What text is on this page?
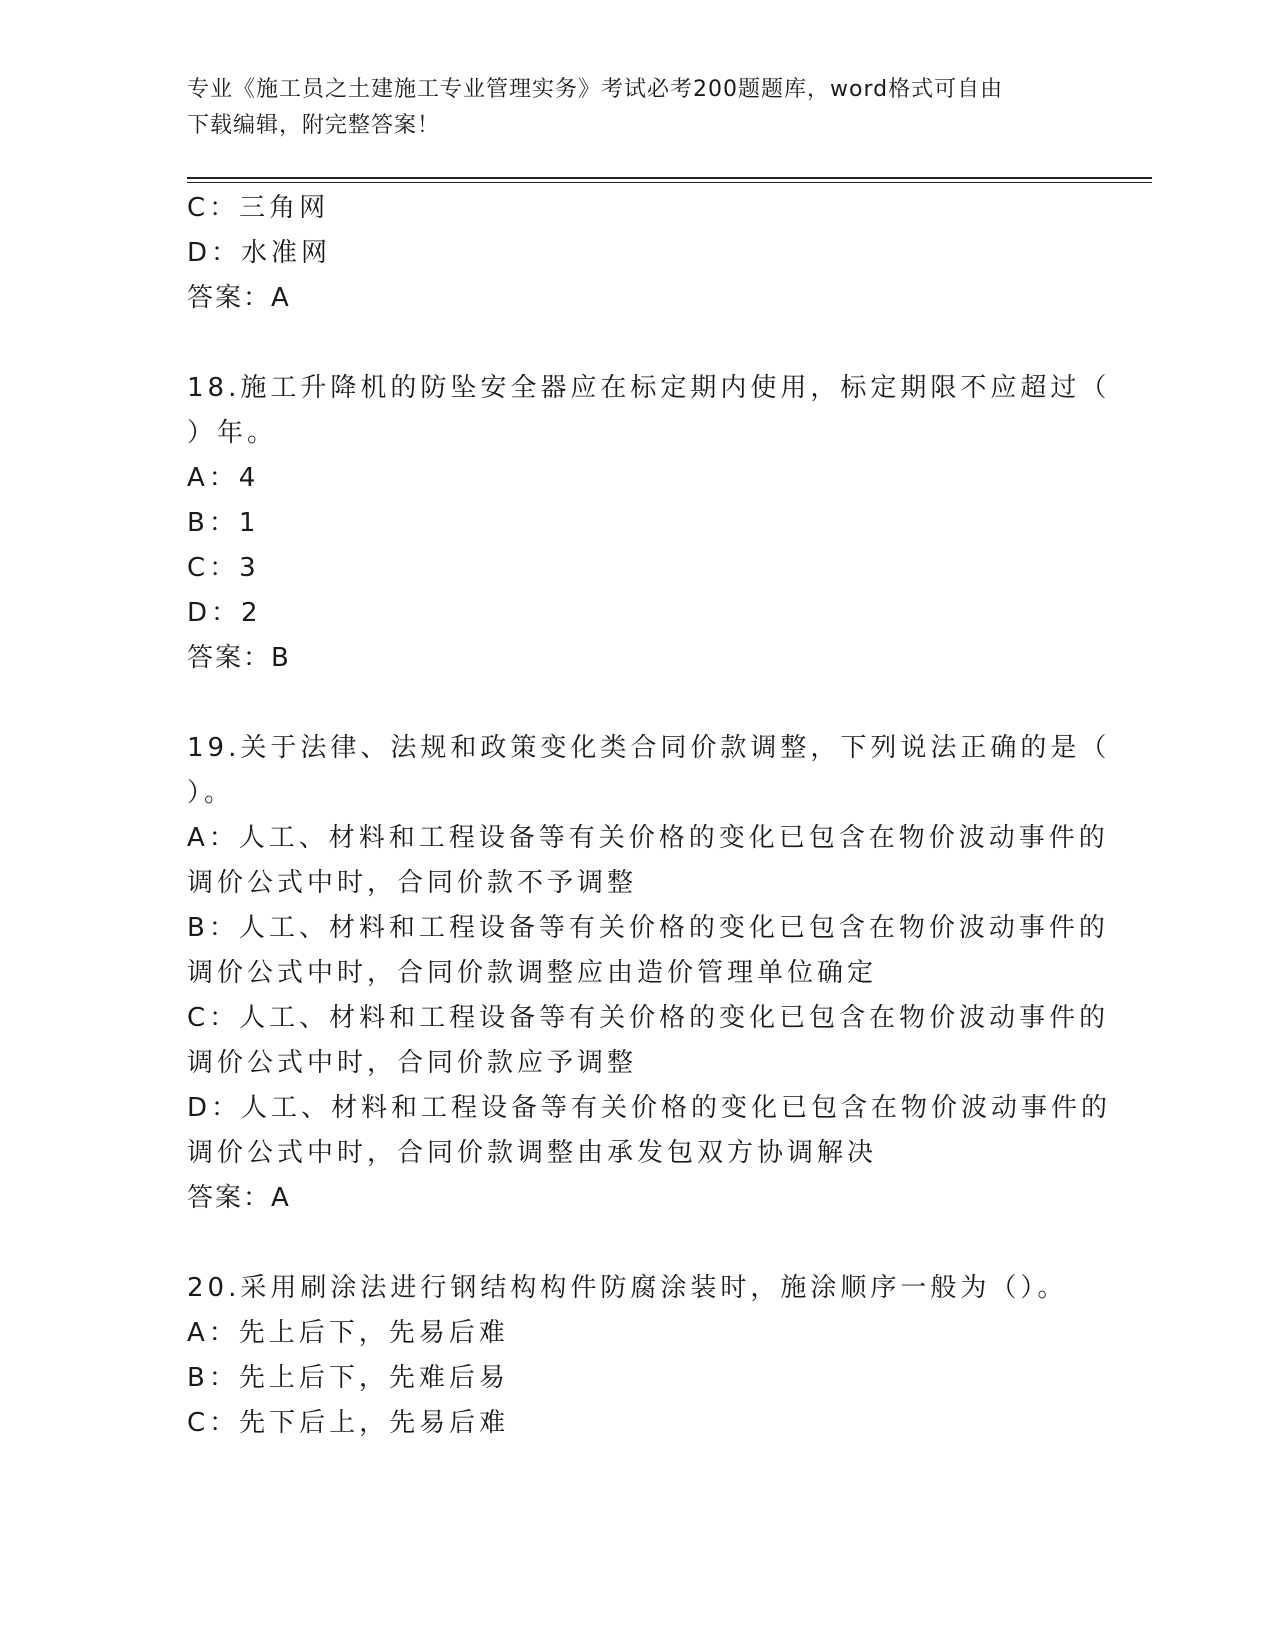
专业《施工员之土建施工专业管理实务》考试必考200题题库，word格式可自由
下载编辑，附完整答案！
C：三角网
D：水准网
答案：A
18.施工升降机的防坠安全器应在标定期内使用，标定期限不应超过（
）年。
A：4
B：1
C：3
D：2
答案：B
19.关于法律、法规和政策变化类合同价款调整，下列说法正确的是（
）。
A：人工、材料和工程设备等有关价格的变化已包含在物价波动事件的
调价公式中时，合同价款不予调整
B：人工、材料和工程设备等有关价格的变化已包含在物价波动事件的
调价公式中时，合同价款调整应由造价管理单位确定
C：人工、材料和工程设备等有关价格的变化已包含在物价波动事件的
调价公式中时，合同价款应予调整
D：人工、材料和工程设备等有关价格的变化已包含在物价波动事件的
调价公式中时，合同价款调整由承发包双方协调解决
答案：A
20.采用刷涂法进行钢结构构件防腐涂装时，施涂顺序一般为（）。
A：先上后下，先易后难
B：先上后下，先难后易
C：先下后上，先易后难
